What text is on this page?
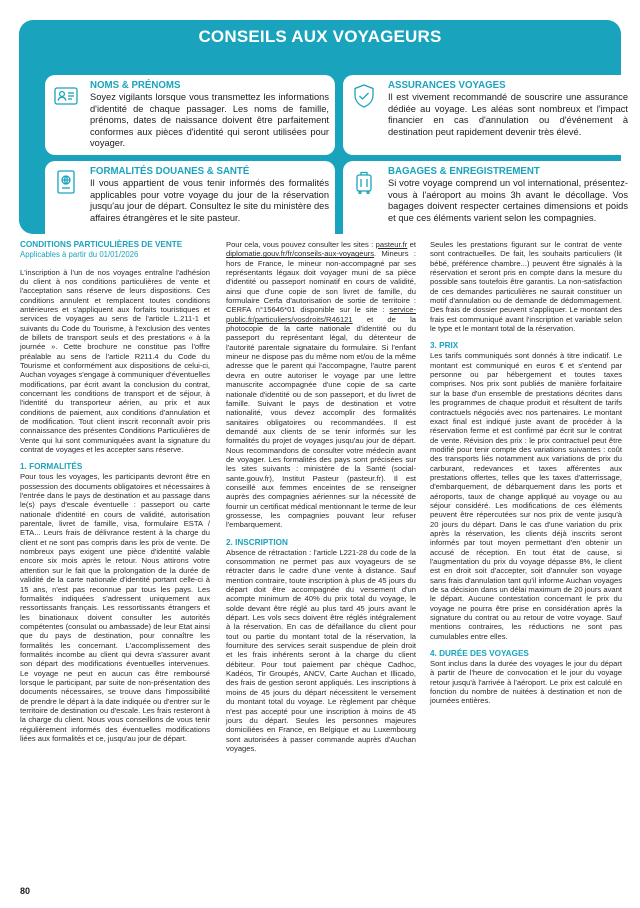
CONSEILS AUX VOYAGEURS
NOMS & PRÉNOMS
Soyez vigilants lorsque vous transmettez les informations d'identité de chaque passager. Les noms de famille, prénoms, dates de naissance doivent être parfaitement conformes aux pièces d'identité qui seront utilisées pour voyager.
FORMALITÉS DOUANES & SANTÉ
Il vous appartient de vous tenir informés des formalités applicables pour votre voyage du jour de la réservation jusqu'au jour de départ. Consultez le site du ministère des affaires étrangères et le site pasteur.
ASSURANCES VOYAGES
Il est vivement recommandé de souscrire une assurance dédiée au voyage. Les aléas sont nombreux et l'impact financier en cas d'annulation ou d'événement à destination peut rapidement devenir très élevé.
BAGAGES & ENREGISTREMENT
Si votre voyage comprend un vol international, présentez-vous à l'aéroport au moins 3h avant le décollage. Vos bagages doivent respecter certaines dimensions et poids et que ces éléments varient selon les compagnies.
CONDITIONS PARTICULIÈRES DE VENTE
Applicables à partir du 01/01/2026

L'inscription à l'un de nos voyages entraîne l'adhésion du client à nos conditions particulières de vente et l'acceptation sans réserve de leurs dispositions. Ces conditions annulent et remplacent toutes conditions antérieures et s'appliquent aux forfaits touristiques et services de voyages au sens de l'article L.211-1 et suivants du Code du Tourisme, à l'exclusion des ventes de billets de transport seuls et des prestations « à la journée ». Cette brochure ne constitue pas l'offre préalable au sens de l'article R211.4 du Code du Tourisme et conformément aux dispositions de celui-ci, Auchan voyages s'engage à communiquer d'éventuelles modifications, par écrit avant la conclusion du contrat, concernant les conditions de transport et de séjour, à l'identité du transporteur aérien, au prix et aux conditions de paiement, aux conditions d'annulation et de modification. Tout client inscrit reconnaît avoir pris connaissance des présentes Conditions Particulières de Vente qui lui sont communiquées avant la signature du contrat de voyages et les accepter sans réserve.

1. FORMALITÉS

Pour tous les voyages, les participants devront être en possession des documents obligatoires et nécessaires à l'entrée dans le pays de destination et au passage dans le(s) pays d'escale éventuelle : passeport ou carte nationale d'identité en cours de validité, autorisation parentale, livret de famille, visa, formulaire ESTA / ETA... Leurs frais de délivrance restent à la charge du client et ne sont pas compris dans les prix de vente. De nombreux pays exigent une pièce d'identité valable encore six mois après le retour. Nous attirons votre attention sur le fait que la prolongation de la durée de validité de la carte nationale d'identité portant celle-ci à 15 ans, n'est pas reconnue par tous les pays. Les formalités indiquées s'adressent uniquement aux ressortissants français. Les ressortissants étrangers et les binationaux doivent consulter les autorités compétentes (consulat ou ambassade) de leur Etat ainsi que du pays de destination, pour connaître les formalités les concernant. L'accomplissement des formalités incombe au client qui devra s'assurer avant son départ des modifications éventuelles intervenues. Le voyage ne peut en aucun cas être remboursé lorsque le participant, par suite de non-présentation des documents nécessaires, se trouve dans l'impossibilité de prendre le départ à la date indiquée ou d'entrer sur le territoire de destination ou d'escale. Les frais resteront à la charge du client. Nous vous conseillons de vous tenir régulièrement informés des éventuelles modifications liées aux formalités et ce, jusqu'au jour de départ.

Pour cela, vous pouvez consulter les sites : pasteur.fr et diplomatie.gouv.fr/fr/conseils-aux-voyageurs. Mineurs : hors de France, le mineur non-accompagné par ses représentants légaux doit voyager muni de sa pièce d'identité ou passeport nominatif en cours de validité, ainsi que d'une copie de son livret de famille, du formulaire Cerfa d'autorisation de sortie de territoire : CERFA n°15646*01 disponible sur le site : service-public.fr/particuliers/vosdroits/R46121 et de la photocopie de la carte nationale d'identité ou du passeport du représentant légal, du détenteur de l'autorité parentale signataire du formulaire. Si l'enfant mineur ne dispose pas du même nom et/ou de la même adresse que le parent qui l'accompagne, l'autre parent devra en outre autoriser le voyage par une lettre manuscrite accompagnée d'une copie de sa carte nationale d'identité ou de son passeport, et du livret de famille. Suivant le pays de destination et votre nationalité, vous devez accomplir des formalités sanitaires obligatoires ou recommandées. Il est demandé aux clients de se tenir informés sur les formalités du projet de voyages jusqu'au jour de départ. Nous recommandons de consulter votre médecin avant de voyager. Les formalités des pays sont précisées sur les sites suivants : ministère de la Santé (social-sante.gouv.fr), Institut Pasteur (pasteur.fr). Il est conseillé aux femmes enceintes de se renseigner auprès des compagnies aériennes sur la nécessité de fournir un certificat médical mentionnant le terme de leur grossesse, les compagnies pouvant leur refuser l'embarquement.

2. INSCRIPTION

Absence de rétractation : l'article L221-28 du code de la consommation ne permet pas aux voyageurs de se rétracter dans le cadre d'une vente à distance. Sauf mention contraire, toute inscription à plus de 45 jours du départ doit être accompagnée du versement d'un acompte minimum de 40% du prix total du voyage, le solde devant être réglé au plus tard 45 jours avant le départ. Les vols secs doivent être réglés intégralement à la réservation. En cas de défaillance du client pour tout ou partie du montant total de la réservation, la fourniture des services serait suspendue de plein droit et les frais inhérents seront à la charge du client débiteur. Pour tout paiement par chèque Cadhoc, Kadéos, Tir Groupés, ANCV, Carte Auchan et Illicado, des frais de gestion seront appliqués. Les inscriptions à moins de 45 jours du départ nécessitent le versement du montant total du voyage. Le règlement par chèque n'est pas accepté pour une inscription à moins de 45 jours du départ. Seules les personnes majeures domiciliées en France, en Belgique et au Luxembourg sont autorisées à passer commande auprès d'Auchan voyages.

Seules les prestations figurant sur le contrat de vente sont contractuelles. De fait, les souhaits particuliers (lit bébé, préférence chambre...) peuvent être signalés à la réservation et seront pris en compte dans la mesure du possible sans toutefois être garantis. La non-satisfaction de ces demandes particulières ne saurait constituer un motif d'annulation ou de demande de dédommagement. Des frais de dossier peuvent s'appliquer. Le montant des frais est communiqué avant l'inscription et variable selon le type et le montant total de la réservation.

3. PRIX

Les tarifs communiqués sont donnés à titre indicatif. Le montant est communiqué en euros € et s'entend par personne ou par hébergement et toutes taxes comprises. Nos prix sont publiés de manière forfaitaire sur la base d'un ensemble de prestations décrites dans les programmes de chaque produit et résultent de tarifs contractuels négociés avec nos partenaires. Le montant exact final est indiqué juste avant de procéder à la réservation ferme et est confirmé par écrit sur le contrat de vente. Révision des prix : le prix contractuel peut être modifié pour tenir compte des variations suivantes : coût des transports liés notamment aux variations de prix du carburant, redevances et taxes afférentes aux prestations offertes, telles que les taxes d'atterrissage, d'embarquement, de débarquement dans les ports et aéroports, taux de change appliqué au voyage ou au séjour considéré. Les modifications de ces éléments peuvent être répercutées sur nos prix de vente jusqu'à 20 jours du départ. Dans le cas d'une variation du prix après la réservation, les clients déjà inscrits seront informés par tout moyen permettant d'en obtenir un accusé de réception. En tout état de cause, si l'augmentation du prix du voyage dépasse 8%, le client est en droit soit d'accepter, soit d'annuler son voyage sans frais d'annulation tant qu'il informe Auchan voyages de sa décision dans un délai maximum de 20 jours avant le départ. Aucune contestation concernant le prix du voyage ne pourra être prise en considération après la signature du contrat ou au retour de votre voyage. Sauf mentions contraires, les réductions ne sont pas cumulables entre elles.

4. DURÉE DES VOYAGES

Sont inclus dans la durée des voyages le jour du départ à partir de l'heure de convocation et le jour du voyage retour jusqu'à l'arrivée à l'aéroport. Le prix est calculé en fonction du nombre de nuitées à destination et non de journées entières.

80
